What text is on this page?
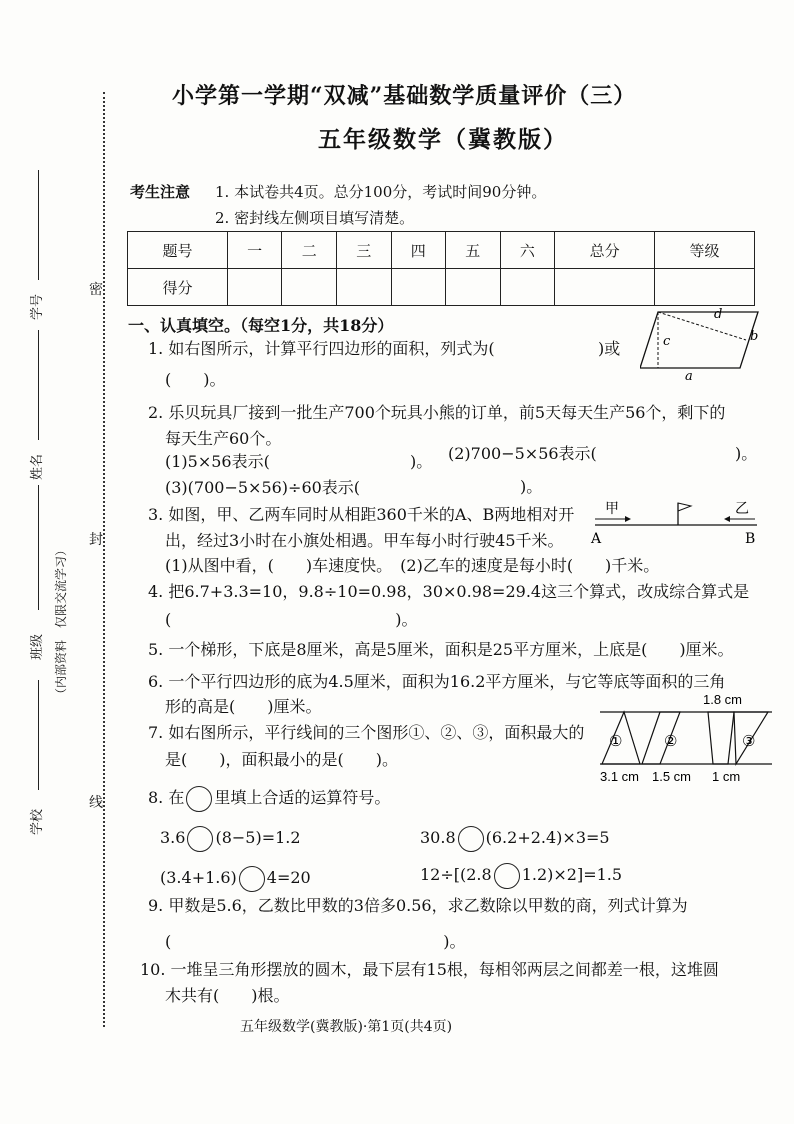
学校
班级
姓名
学号
（内部资料　仅限交流学习）
密
封
线
小学第一学期“双减”基础数学质量评价（三）
五年级数学（冀教版）
考生注意 1. 本试卷共4页。总分100分，考试时间90分钟。
2. 密封线左侧项目填写清楚。
题号	一	二	三	四	五	六	总分	等级
得分								
一、认真填空。（每空1分，共18分）
d
c	b
a
1. 如右图所示，计算平行四边形的面积，列式为(	)或
(　　)。
2. 乐贝玩具厂接到一批生产700个玩具小熊的订单，前5天每天生产56个，剩下的
每天生产60个。
(1)5×56表示(	)。 (2)700−5×56表示(	)。
(3)(700−5×56)÷60表示(	)。
3. 如图，甲、乙两车同时从相距360千米的A、B两地相对开
出，经过3小时在小旗处相遇。甲车每小时行驶45千米。
(1)从图中看，(　　)车速度快。　(2)乙车的速度是每小时(　　)千米。
甲	乙
A	B
4. 把6.7+3.3=10，9.8÷10=0.98，30×0.98=29.4这三个算式，改成综合算式是
(　　　　　　　　　　　　　　)。
5. 一个梯形，下底是8厘米，高是5厘米，面积是25平方厘米，上底是(　　)厘米。
6. 一个平行四边形的底为4.5厘米，面积为16.2平方厘米，与它等底等面积的三角
形的高是(　　)厘米。
7. 如右图所示，平行线间的三个图形①、②、③，面积最大的
是(　　)，面积最小的是(　　)。
1.8 cm
①	②	③
3.1 cm 1.5 cm 1 cm
8. 在 里填上合适的运算符号。
3.6 (8−5)=1.2	30.8 (6.2+2.4)×3=5
(3.4+1.6) 4=20	12÷[(2.8 1.2)×2]=1.5
9. 甲数是5.6，乙数比甲数的3倍多0.56，求乙数除以甲数的商，列式计算为
(　　　　　　　　　　　　　　　　　)。
10. 一堆呈三角形摆放的圆木，最下层有15根，每相邻两层之间都差一根，这堆圆
木共有(　　)根。
五年级数学(冀教版)·第1页(共4页)
